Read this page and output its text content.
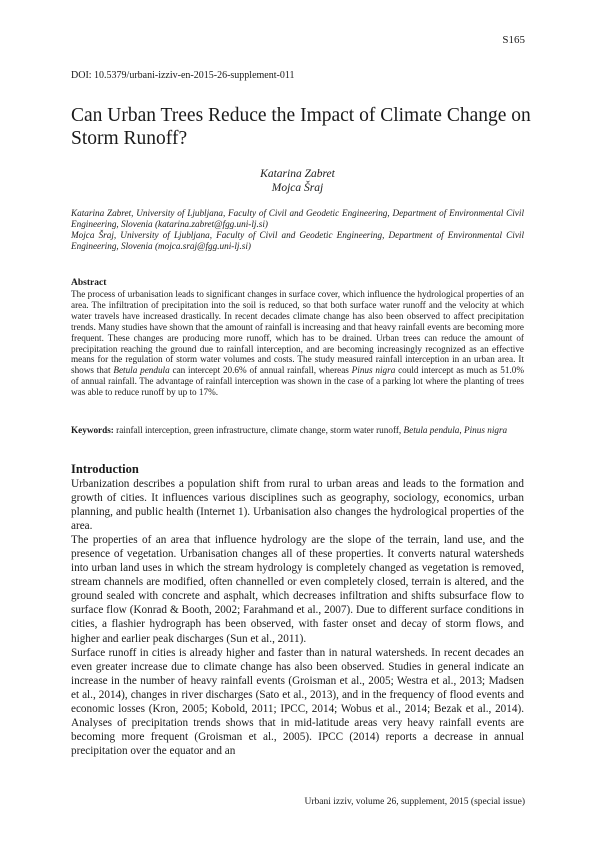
S165
DOI: 10.5379/urbani-izziv-en-2015-26-supplement-011
Can Urban Trees Reduce the Impact of Climate Change on Storm Runoff?
Katarina Zabret
Mojca Šraj

Katarina Zabret, University of Ljubljana, Faculty of Civil and Geodetic Engineering, Department of Environmental Civil Engineering, Slovenia (katarina.zabret@fgg.uni-lj.si)

Mojca Šraj, University of Ljubljana, Faculty of Civil and Geodetic Engineering, Department of Environmental Civil Engineering, Slovenia (mojca.sraj@fgg.uni-lj.si)

Abstract

The process of urbanisation leads to significant changes in surface cover, which influence the hydrological properties of an area. The infiltration of precipitation into the soil is reduced, so that both surface water runoff and the velocity at which water travels have increased drastically. In recent decades climate change has also been observed to affect precipitation trends. Many studies have shown that the amount of rainfall is increasing and that heavy rainfall events are becoming more frequent. These changes are producing more runoff, which has to be drained. Urban trees can reduce the amount of precipitation reaching the ground due to rainfall interception, and are becoming increasingly recognized as an effective means for the regulation of storm water volumes and costs. The study measured rainfall interception in an urban area. It shows that Betula pendula can intercept 20.6% of annual rainfall, whereas Pinus nigra could intercept as much as 51.0% of annual rainfall. The advantage of rainfall interception was shown in the case of a parking lot where the planting of trees was able to reduce runoff by up to 17%.

Keywords: rainfall interception, green infrastructure, climate change, storm water runoff, Betula pendula, Pinus nigra

Introduction

Urbanization describes a population shift from rural to urban areas and leads to the formation and growth of cities. It influences various disciplines such as geography, sociology, economics, urban planning, and public health (Internet 1). Urbanisation also changes the hydrological properties of the area.

The properties of an area that influence hydrology are the slope of the terrain, land use, and the presence of vegetation. Urbanisation changes all of these properties. It converts natural watersheds into urban land uses in which the stream hydrology is completely changed as vegetation is removed, stream channels are modified, often channelled or even completely closed, terrain is altered, and the ground sealed with concrete and asphalt, which decreases infiltration and shifts subsurface flow to surface flow (Konrad & Booth, 2002; Farahmand et al., 2007). Due to different surface conditions in cities, a flashier hydrograph has been observed, with faster onset and decay of storm flows, and higher and earlier peak discharges (Sun et al., 2011).

Surface runoff in cities is already higher and faster than in natural watersheds. In recent decades an even greater increase due to climate change has also been observed. Studies in general indicate an increase in the number of heavy rainfall events (Groisman et al., 2005; Westra et al., 2013; Madsen et al., 2014), changes in river discharges (Sato et al., 2013), and in the frequency of flood events and economic losses (Kron, 2005; Kobold, 2011; IPCC, 2014; Wobus et al., 2014; Bezak et al., 2014). Analyses of precipitation trends shows that in mid-latitude areas very heavy rainfall events are becoming more frequent (Groisman et al., 2005). IPCC (2014) reports a decrease in annual precipitation over the equator and an

Urbani izziv, volume 26, supplement, 2015 (special issue)
